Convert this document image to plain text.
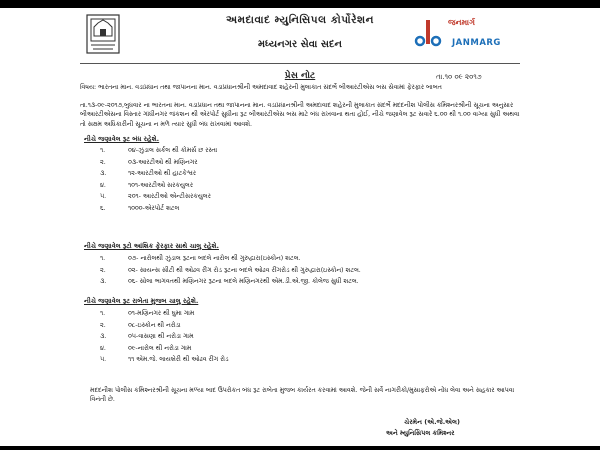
અમદાવાદ મ્યુનિસિપલ કોર્પોરેશન
મધ્યનગર સેવા સદન
જનમાર્ગ
JANMARG
પ્રેસ નોટ	તા.૧૦ ૦૯ ૨૦૧૭
વિષય: ભારતના માન. વડાપ્રધાન તથા જાપાનના માન. વડાપ્રધાનશ્રીની અમદાવાદ શહેરની મુલાકાત સંદર્ભે બીઆરટીએસ બસ સેવામાં ફેરફાર બાબત
તા.૧૩-૦૯-૨૦૧૭,બુધવાર ના ભારતના માન. વડાપ્રધાન તથા જાપાનના માન. વડાપ્રધાનશ્રીની અમદાવાદ શહેરની મુલાકાત સંદર્ભે મદદનીશ પોલીસ કમિશ્નરશ્રીની સૂચના અનુસાર બીઆરટીએસના વિસ્તાર ગાંધીનગર જંકશન થી એરપોર્ટ સુધીના રૂટ બીઆરટીએસ બસ માટે બંધ રાખવાના થતા હોઈ, નીચે જણાવેલ રૂટ સવારે ૬.૦૦ થી ૧.૦૦ વાગ્યા સુધી અથવા તો સક્ષમ અધિકારીની સૂચના ન મળે ત્યાર સુધી બંધ રાખવામાં આવશે.
નીચે જણાવેલ રૂટ બંધ રહેશે.
૧.	૦૪-ઝુંડાલ સર્કલ થી કોમર્સ છ રસ્તા
૨.	૦૩-આરટીઓ થી મણિનગર
૩.	૧૨-આરટીઓ થી હાટકેશ્વર
૪.	૧૦૧-આરટીઓ સરકયુલર
૫.	૨૦૧- આરટીઓ એન્ટીસરકયુલર
૬.	૧૦૦૦-એરપોર્ટ શટલ
નીચે જણાવેલ રૂટો આંશિક ફેરફાર સાથે ચાલુ રહેશે.
૧.	૦૭- નારોલથી ઝુંડાલ રૂટના બદલે નારોલ થી ગુરુદ્વારા(ઇસ્કોન) શટલ.
૨.	૦૨- સાયન્સ સીટી થી ઓઢવ રીંગ રોડ રૂટના બદલે ઓઢવ રીંગરોડ થી ગુરુદ્વારા(ઇસ્કોન) શટલ.
૩.	૦૬- સોલા ભાગવતથી મણિનગર રૂટના બદલે મણિનગરથી એમ.ડી.એ.જી. કોલેજ સુધી શટલ.
નીચે જણાવેલ રૂટ રાબેતા મુજબ ચાલુ રહેશે.
૧.	૦૧-મણિનગર થી ઘુમા ગામ
૨.	૦૮-ઇસ્કોન થી નરોડા
૩.	૦૫-વાસણા થી નરોડા ગામ
૪.	૦૯-નારોલ થી નરોડા ગામ
૫.	૧૧ એમ.જે. લાયબ્રેરી થી ઓઢવ રીંગ રોડ
મદદનીશ પોલીસ કમિશ્નરશ્રીની સૂચના મળ્યા બાદ ઉપરોકત બંધ રૂટ રાબેતા મુજબ કાર્યરત કરવામાં આવશે. જેની સર્વે નાગરીકો/મુસાફરોએ નોંધ લેવા અને સહકાર આપવા વિનંતી છે.
ચેરમેન (એ.જે.એલ)
અને મ્યુનિસિપલ કમિશ્નર
